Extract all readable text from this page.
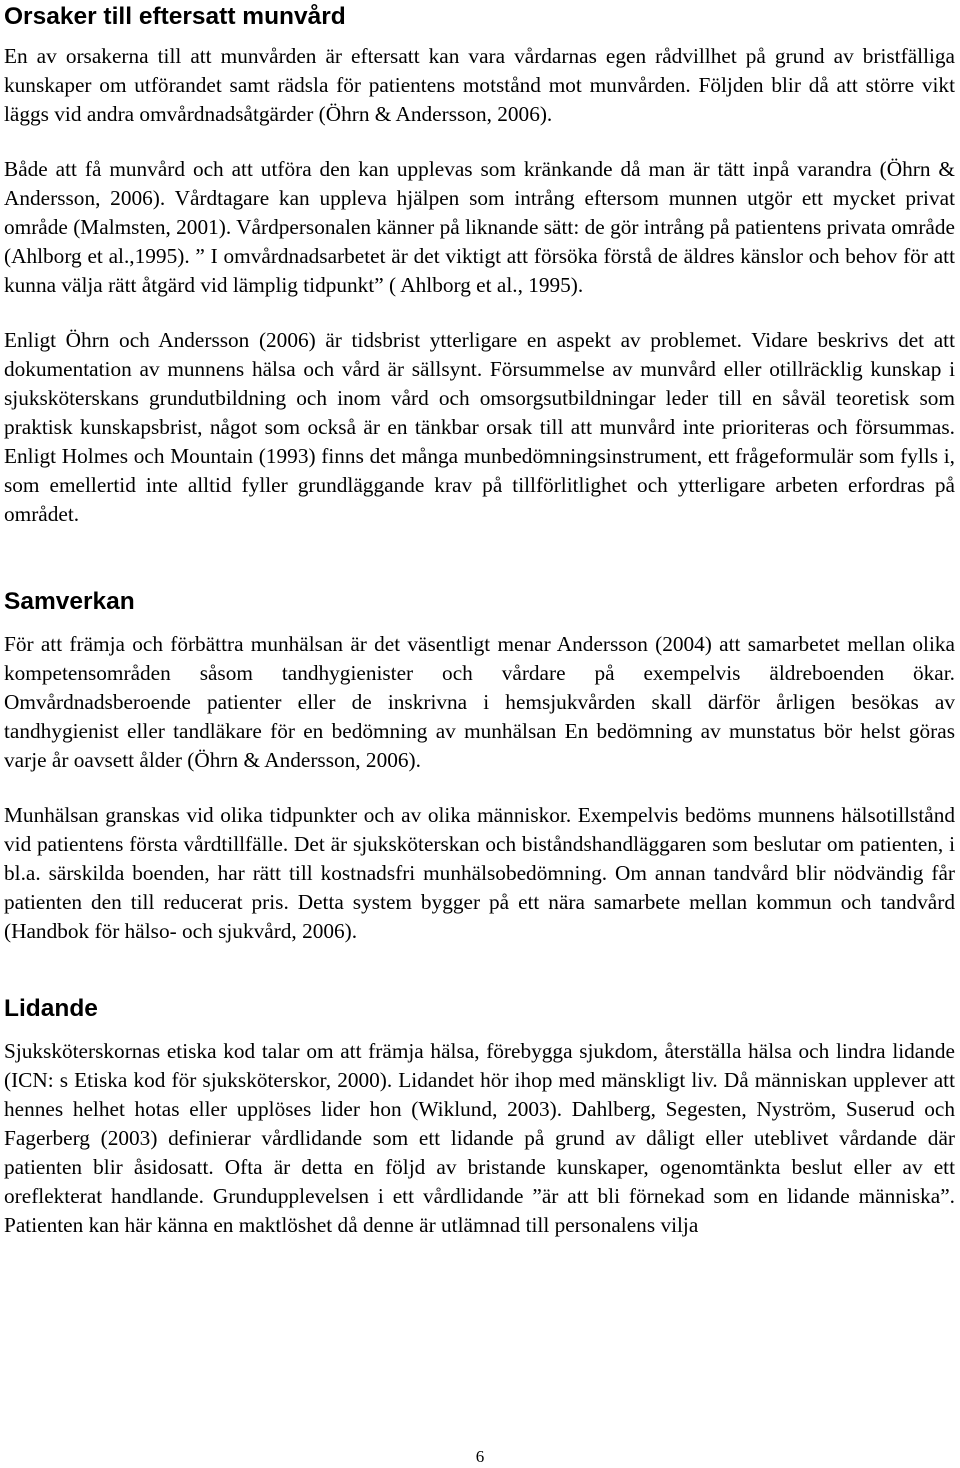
Orsaker till eftersatt munvård

En av orsakerna till att munvården är eftersatt kan vara vårdarnas egen rådvillhet på grund av bristfälliga kunskaper om utförandet samt rädsla för patientens motstånd mot munvården. Följden blir då att större vikt läggs vid andra omvårdnadsåtgärder (Öhrn & Andersson, 2006).

Både att få munvård och att utföra den kan upplevas som kränkande då man är tätt inpå varandra (Öhrn & Andersson, 2006). Vårdtagare kan uppleva hjälpen som intrång eftersom munnen utgör ett mycket privat område (Malmsten, 2001). Vårdpersonalen känner på liknande sätt: de gör intrång på patientens privata område (Ahlborg et al.,1995). ” I omvårdnadsarbetet är det viktigt att försöka förstå de äldres känslor och behov för att kunna välja rätt åtgärd vid lämplig tidpunkt” ( Ahlborg et al., 1995).

Enligt Öhrn och Andersson (2006) är tidsbrist ytterligare en aspekt av problemet. Vidare beskrivs det att dokumentation av munnens hälsa och vård är sällsynt. Försummelse av munvård eller otillräcklig kunskap i sjuksköterskans grundutbildning och inom vård och omsorgsutbildningar leder till en såväl teoretisk som praktisk kunskapsbrist, något som också är en tänkbar orsak till att munvård inte prioriteras och försummas. Enligt Holmes och Mountain (1993) finns det många munbedömningsinstrument, ett frågeformulär som fylls i, som emellertid inte alltid fyller grundläggande krav på tillförlitlighet och ytterligare arbeten erfordras på området.

Samverkan

För att främja och förbättra munhälsan är det väsentligt menar Andersson (2004) att samarbetet mellan olika kompetensområden såsom tandhygienister och vårdare på exempelvis äldreboenden ökar. Omvårdnadsberoende patienter eller de inskrivna i hemsjukvården skall därför årligen besökas av tandhygienist eller tandläkare för en bedömning av munhälsan En bedömning av munstatus bör helst göras varje år oavsett ålder (Öhrn & Andersson, 2006).

Munhälsan granskas vid olika tidpunkter och av olika människor. Exempelvis bedöms munnens hälsotillstånd vid patientens första vårdtillfälle. Det är sjuksköterskan och biståndshandläggaren som beslutar om patienten, i bl.a. särskilda boenden, har rätt till kostnadsfri munhälsobedömning. Om annan tandvård blir nödvändig får patienten den till reducerat pris. Detta system bygger på ett nära samarbete mellan kommun och tandvård (Handbok för hälso- och sjukvård, 2006).

Lidande

Sjuksköterskornas etiska kod talar om att främja hälsa, förebygga sjukdom, återställa hälsa och lindra lidande (ICN: s Etiska kod för sjuksköterskor, 2000). Lidandet hör ihop med mänskligt liv. Då människan upplever att hennes helhet hotas eller upplöses lider hon (Wiklund, 2003). Dahlberg, Segesten, Nyström, Suserud och Fagerberg (2003) definierar vårdlidande som ett lidande på grund av dåligt eller uteblivet vårdande där patienten blir åsidosatt. Ofta är detta en följd av bristande kunskaper, ogenomtänkta beslut eller av ett oreflekterat handlande. Grundupplevelsen i ett vårdlidande ”är att bli förnekad som en lidande människa”. Patienten kan här känna en maktlöshet då denne är utlämnad till personalens vilja

6
